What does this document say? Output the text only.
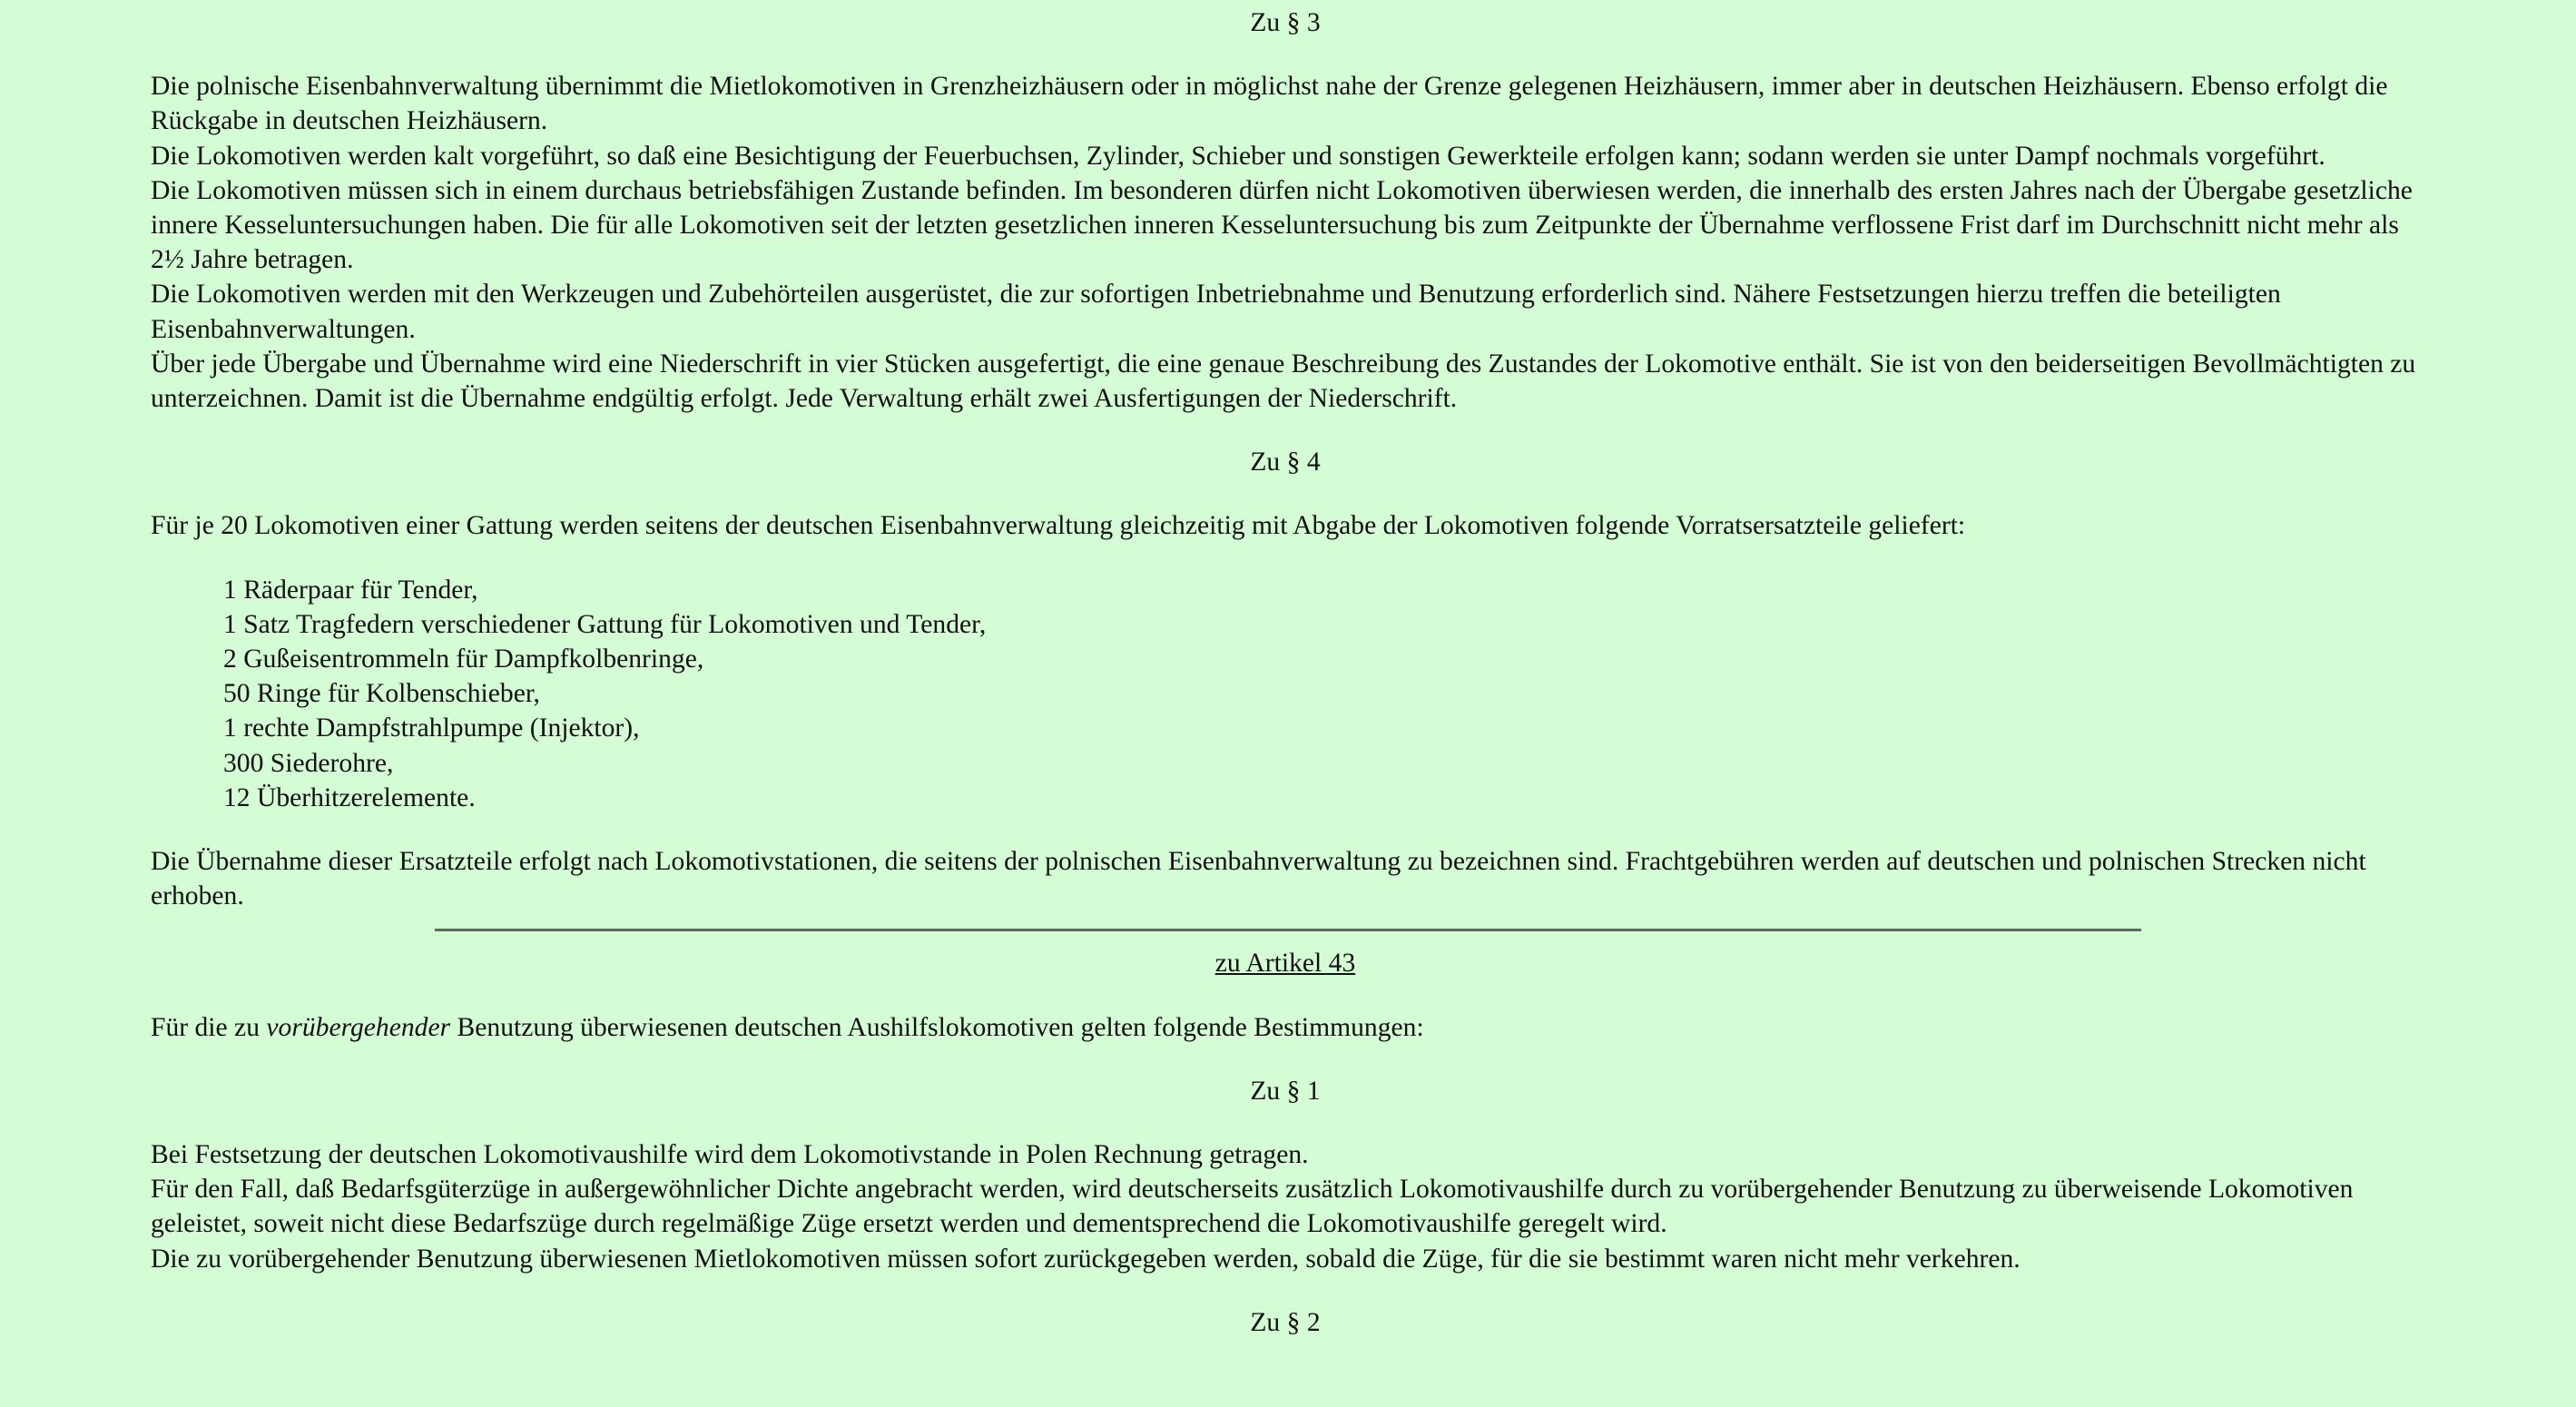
Zu § 3

Die polnische Eisenbahnverwaltung übernimmt die Mietlokomotiven in Grenzheizhäusern oder in möglichst nahe der Grenze gelegenen Heizhäusern, immer aber in deutschen Heizhäusern. Ebenso erfolgt die Rückgabe in deutschen Heizhäusern.

Die Lokomotiven werden kalt vorgeführt, so daß eine Besichtigung der Feuerbuchsen, Zylinder, Schieber und sonstigen Gewerkteile erfolgen kann; sodann werden sie unter Dampf nochmals vorgeführt.

Die Lokomotiven müssen sich in einem durchaus betriebsfähigen Zustande befinden. Im besonderen dürfen nicht Lokomotiven überwiesen werden, die innerhalb des ersten Jahres nach der Übergabe gesetzliche innere Kesseluntersuchungen haben. Die für alle Lokomotiven seit der letzten gesetzlichen inneren Kesseluntersuchung bis zum Zeitpunkte der Übernahme verflossene Frist darf im Durchschnitt nicht mehr als 2½ Jahre betragen.

Die Lokomotiven werden mit den Werkzeugen und Zubehörteilen ausgerüstet, die zur sofortigen Inbetriebnahme und Benutzung erforderlich sind. Nähere Festsetzungen hierzu treffen die beteiligten Eisenbahnverwaltungen.

Über jede Übergabe und Übernahme wird eine Niederschrift in vier Stücken ausgefertigt, die eine genaue Beschreibung des Zustandes der Lokomotive enthält. Sie ist von den beiderseitigen Bevollmächtigten zu unterzeichnen. Damit ist die Übernahme endgültig erfolgt. Jede Verwaltung erhält zwei Ausfertigungen der Niederschrift.

Zu § 4

Für je 20 Lokomotiven einer Gattung werden seitens der deutschen Eisenbahnverwaltung gleichzeitig mit Abgabe der Lokomotiven folgende Vorratsersatzteile geliefert:

1 Räderpaar für Tender,
1 Satz Tragfedern verschiedener Gattung für Lokomotiven und Tender,
2 Gußeisentrommeln für Dampfkolbenringe,
50 Ringe für Kolbenschieber,
1 rechte Dampfstrahlpumpe (Injektor),
300 Siederohre,
12 Überhitzerelemente.

Die Übernahme dieser Ersatzteile erfolgt nach Lokomotivstationen, die seitens der polnischen Eisenbahnverwaltung zu bezeichnen sind. Frachtgebühren werden auf deutschen und polnischen Strecken nicht erhoben.

zu Artikel 43

Für die zu vorübergehender Benutzung überwiesenen deutschen Aushilfslokomotiven gelten folgende Bestimmungen:

Zu § 1

Bei Festsetzung der deutschen Lokomotivaushilfe wird dem Lokomotivstande in Polen Rechnung getragen.

Für den Fall, daß Bedarfsgüterzüge in außergewöhnlicher Dichte angebracht werden, wird deutscherseits zusätzlich Lokomotivaushilfe durch zu vorübergehender Benutzung zu überweisende Lokomotiven geleistet, soweit nicht diese Bedarfszüge durch regelmäßige Züge ersetzt werden und dementsprechend die Lokomotivaushilfe geregelt wird.

Die zu vorübergehender Benutzung überwiesenen Mietlokomotiven müssen sofort zurückgegeben werden, sobald die Züge, für die sie bestimmt waren nicht mehr verkehren.

Zu § 2
